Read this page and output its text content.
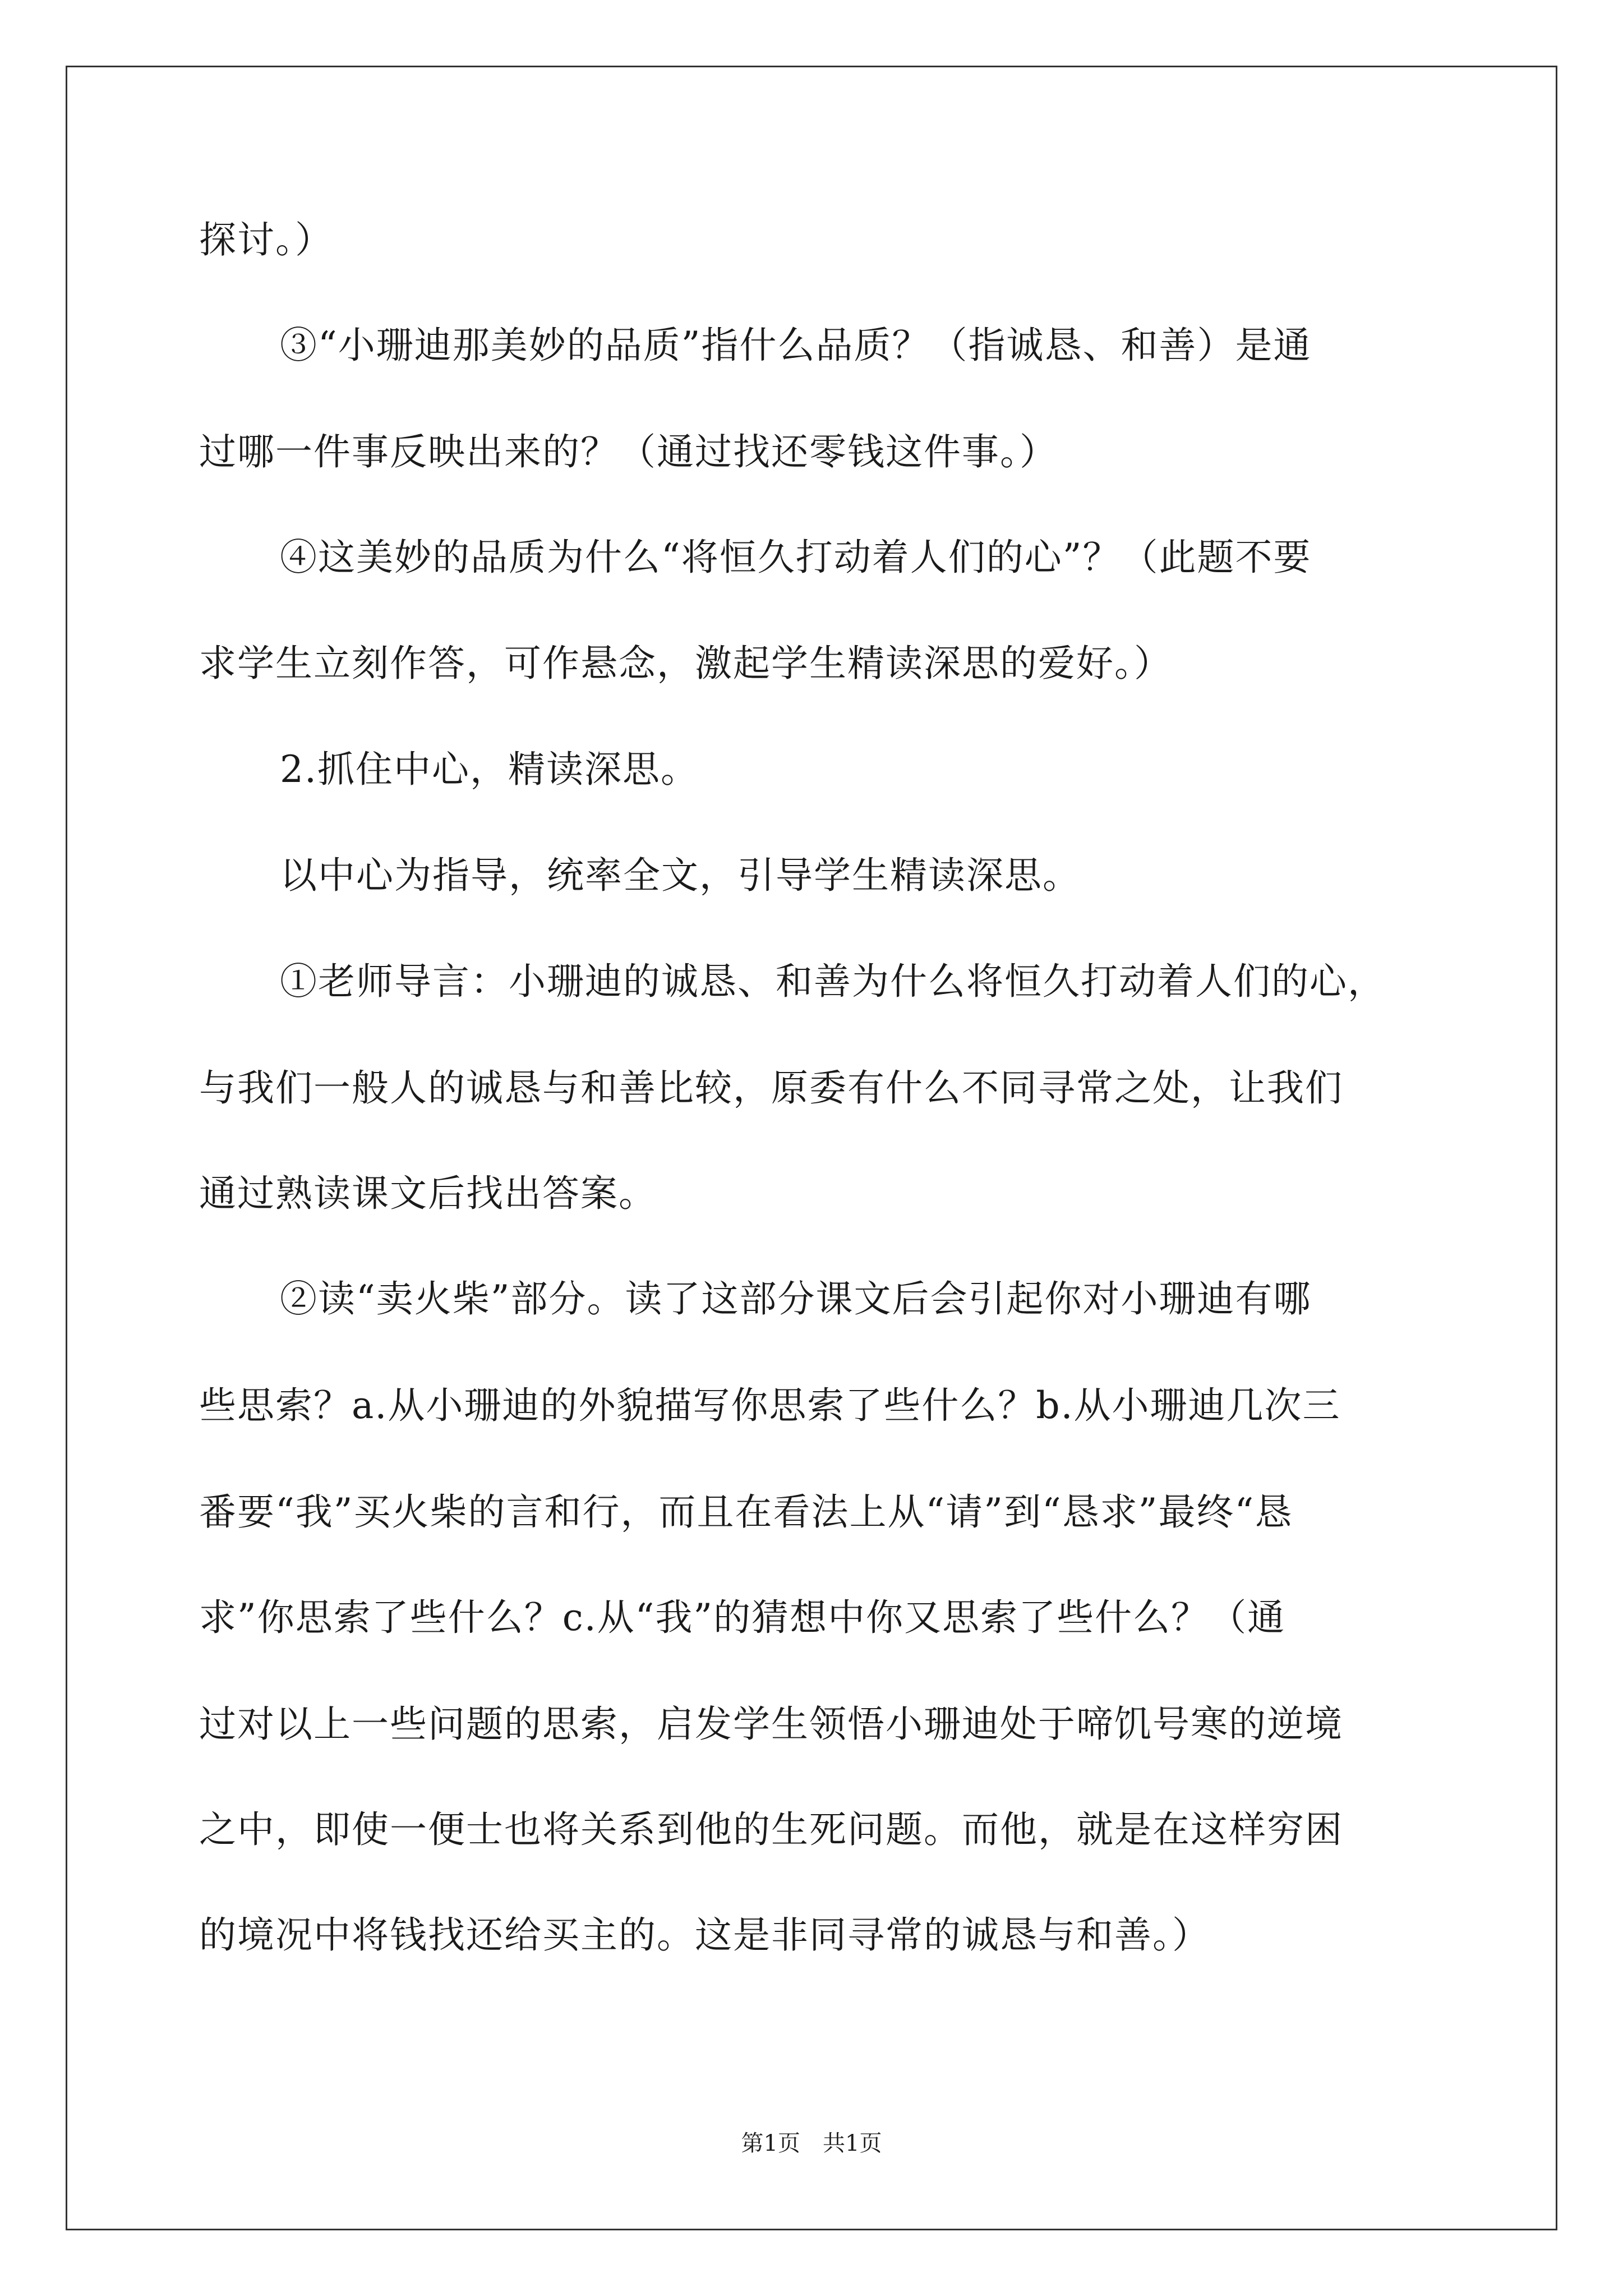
探讨。）
③“小珊迪那美妙的品质”指什么品质？（指诚恳、和善）是通
过哪一件事反映出来的？（通过找还零钱这件事。）
④这美妙的品质为什么“将恒久打动着人们的心”？（此题不要
求学生立刻作答，可作悬念，激起学生精读深思的爱好。）
2.抓住中心，精读深思。
以中心为指导，统率全文，引导学生精读深思。
①老师导言：小珊迪的诚恳、和善为什么将恒久打动着人们的心，
与我们一般人的诚恳与和善比较，原委有什么不同寻常之处，让我们
通过熟读课文后找出答案。
②读“卖火柴”部分。读了这部分课文后会引起你对小珊迪有哪
些思索？a.从小珊迪的外貌描写你思索了些什么？b.从小珊迪几次三
番要“我”买火柴的言和行，而且在看法上从“请”到“恳求”最终“恳
求”你思索了些什么？c.从“我”的猜想中你又思索了些什么？（通
过对以上一些问题的思索，启发学生领悟小珊迪处于啼饥号寒的逆境
之中，即使一便士也将关系到他的生死问题。而他，就是在这样穷困
的境况中将钱找还给买主的。这是非同寻常的诚恳与和善。）
第1页　共1页
